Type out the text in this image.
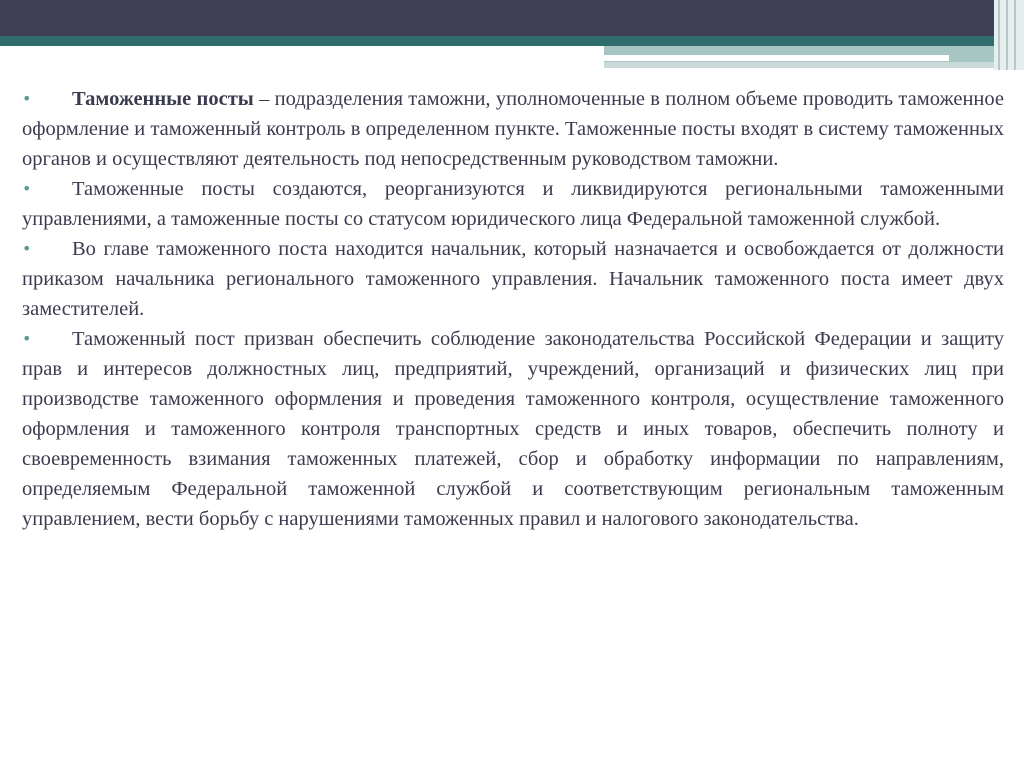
• Таможенные посты – подразделения таможни, уполномоченные в полном объеме проводить таможенное оформление и таможенный контроль в определенном пункте. Таможенные посты входят в систему таможенных органов и осуществляют деятельность под непосредственным руководством таможни.

• Таможенные посты создаются, реорганизуются и ликвидируются региональными таможенными управлениями, а таможенные посты со статусом юридического лица Федеральной таможенной службой.

• Во главе таможенного поста находится начальник, который назначается и освобождается от должности приказом начальника регионального таможенного управления. Начальник таможенного поста имеет двух заместителей.

• Таможенный пост призван обеспечить соблюдение законодательства Российской Федерации и защиту прав и интересов должностных лиц, предприятий, учреждений, организаций и физических лиц при производстве таможенного оформления и проведения таможенного контроля, осуществление таможенного оформления и таможенного контроля транспортных средств и иных товаров, обеспечить полноту и своевременность взимания таможенных платежей, сбор и обработку информации по направлениям, определяемым Федеральной таможенной службой и соответствующим региональным таможенным управлением, вести борьбу с нарушениями таможенных правил и налогового законодательства.
